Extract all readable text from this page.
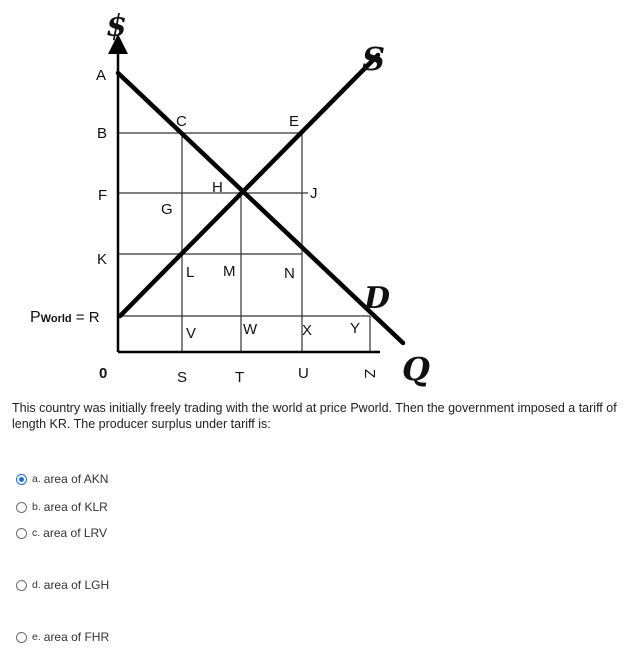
$
S
D
Q
A
B
F
K
PWorld = R
0
C	E
H	J
G
L M	N
V	W	X	Y
S	T	U	Z

This country was initially freely trading with the world at price Pworld. Then the government imposed a tariff of length KR. The producer surplus under tariff is:

a. area of AKN
b. area of KLR
c. area of LRV
d. area of LGH
e. area of FHR
